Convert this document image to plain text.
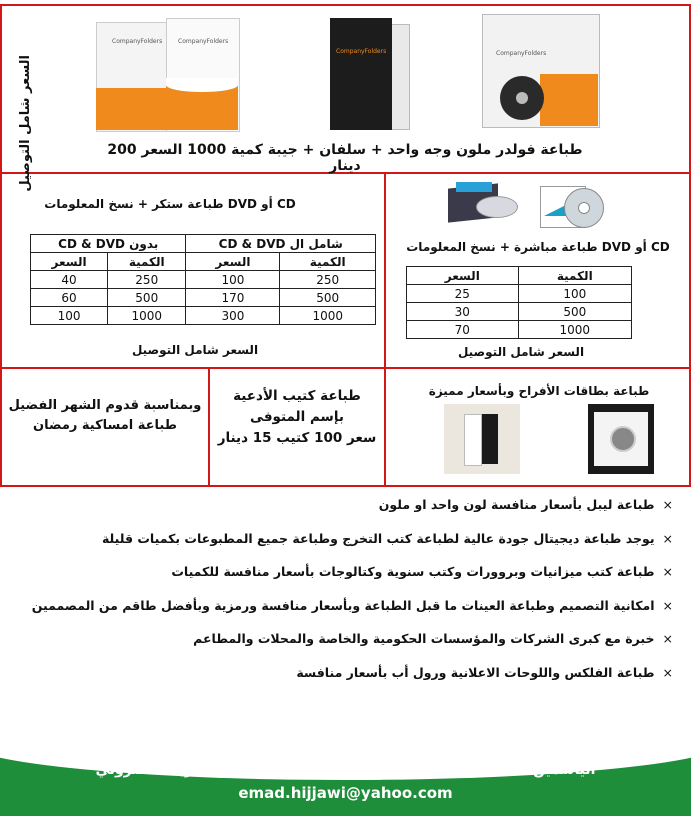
السعر شامل التوصيل
CompanyFolders	CompanyFolders
CompanyFolders	CompanyFolders
طباعة فولدر ملون وجه واحد + سلفان + جيبة كمية 1000 السعر 200 دينار
CD أو DVD طباعة ستكر + نسخ المعلومات
شامل ال CD & DVD		بدون CD & DVD	
الكمية	السعر	الكمية	السعر
250	100	250	40
500	170	500	60
1000	300	1000	100
السعر شامل التوصيل
CD أو DVD طباعة مباشرة + نسخ المعلومات
الكمية	السعر
100	25
500	30
1000	70
السعر شامل التوصيل
وبمناسبة قدوم الشهر الفضيل
طباعة امساكية رمضان
طباعة كتيب الأدعية
بإسم المتوفى
سعر 100 كتيب 15 دينار
طباعة بطاقات الأفراح وبأسعار مميزة
× طباعة ليبل بأسعار منافسة لون واحد او ملون
× يوجد طباعة ديجيتال جودة عالية لطباعة كتب التخرج وطباعة جميع المطبوعات بكميات قليلة
× طباعة كتب ميزانيات وبروورات وكتب سنوية وكتالوجات بأسعار منافسة للكميات
× امكانية التصميم وطباعة العينات ما قبل الطباعة وبأسعار منافسة ورمزية وبأفضل طاقم من المصممين
× خبرة مع كبرى الشركات والمؤسسات الحكومية والخاصة والمحلات والمطاعم
× طباعة الفلكس واللوحات الاعلانية ورول أب بأسعار منافسة
الياسمين - خلف أسواق الفريد موبايل : 0798811969 - البريد الالكتروني
emad.hijjawi@yahoo.com
